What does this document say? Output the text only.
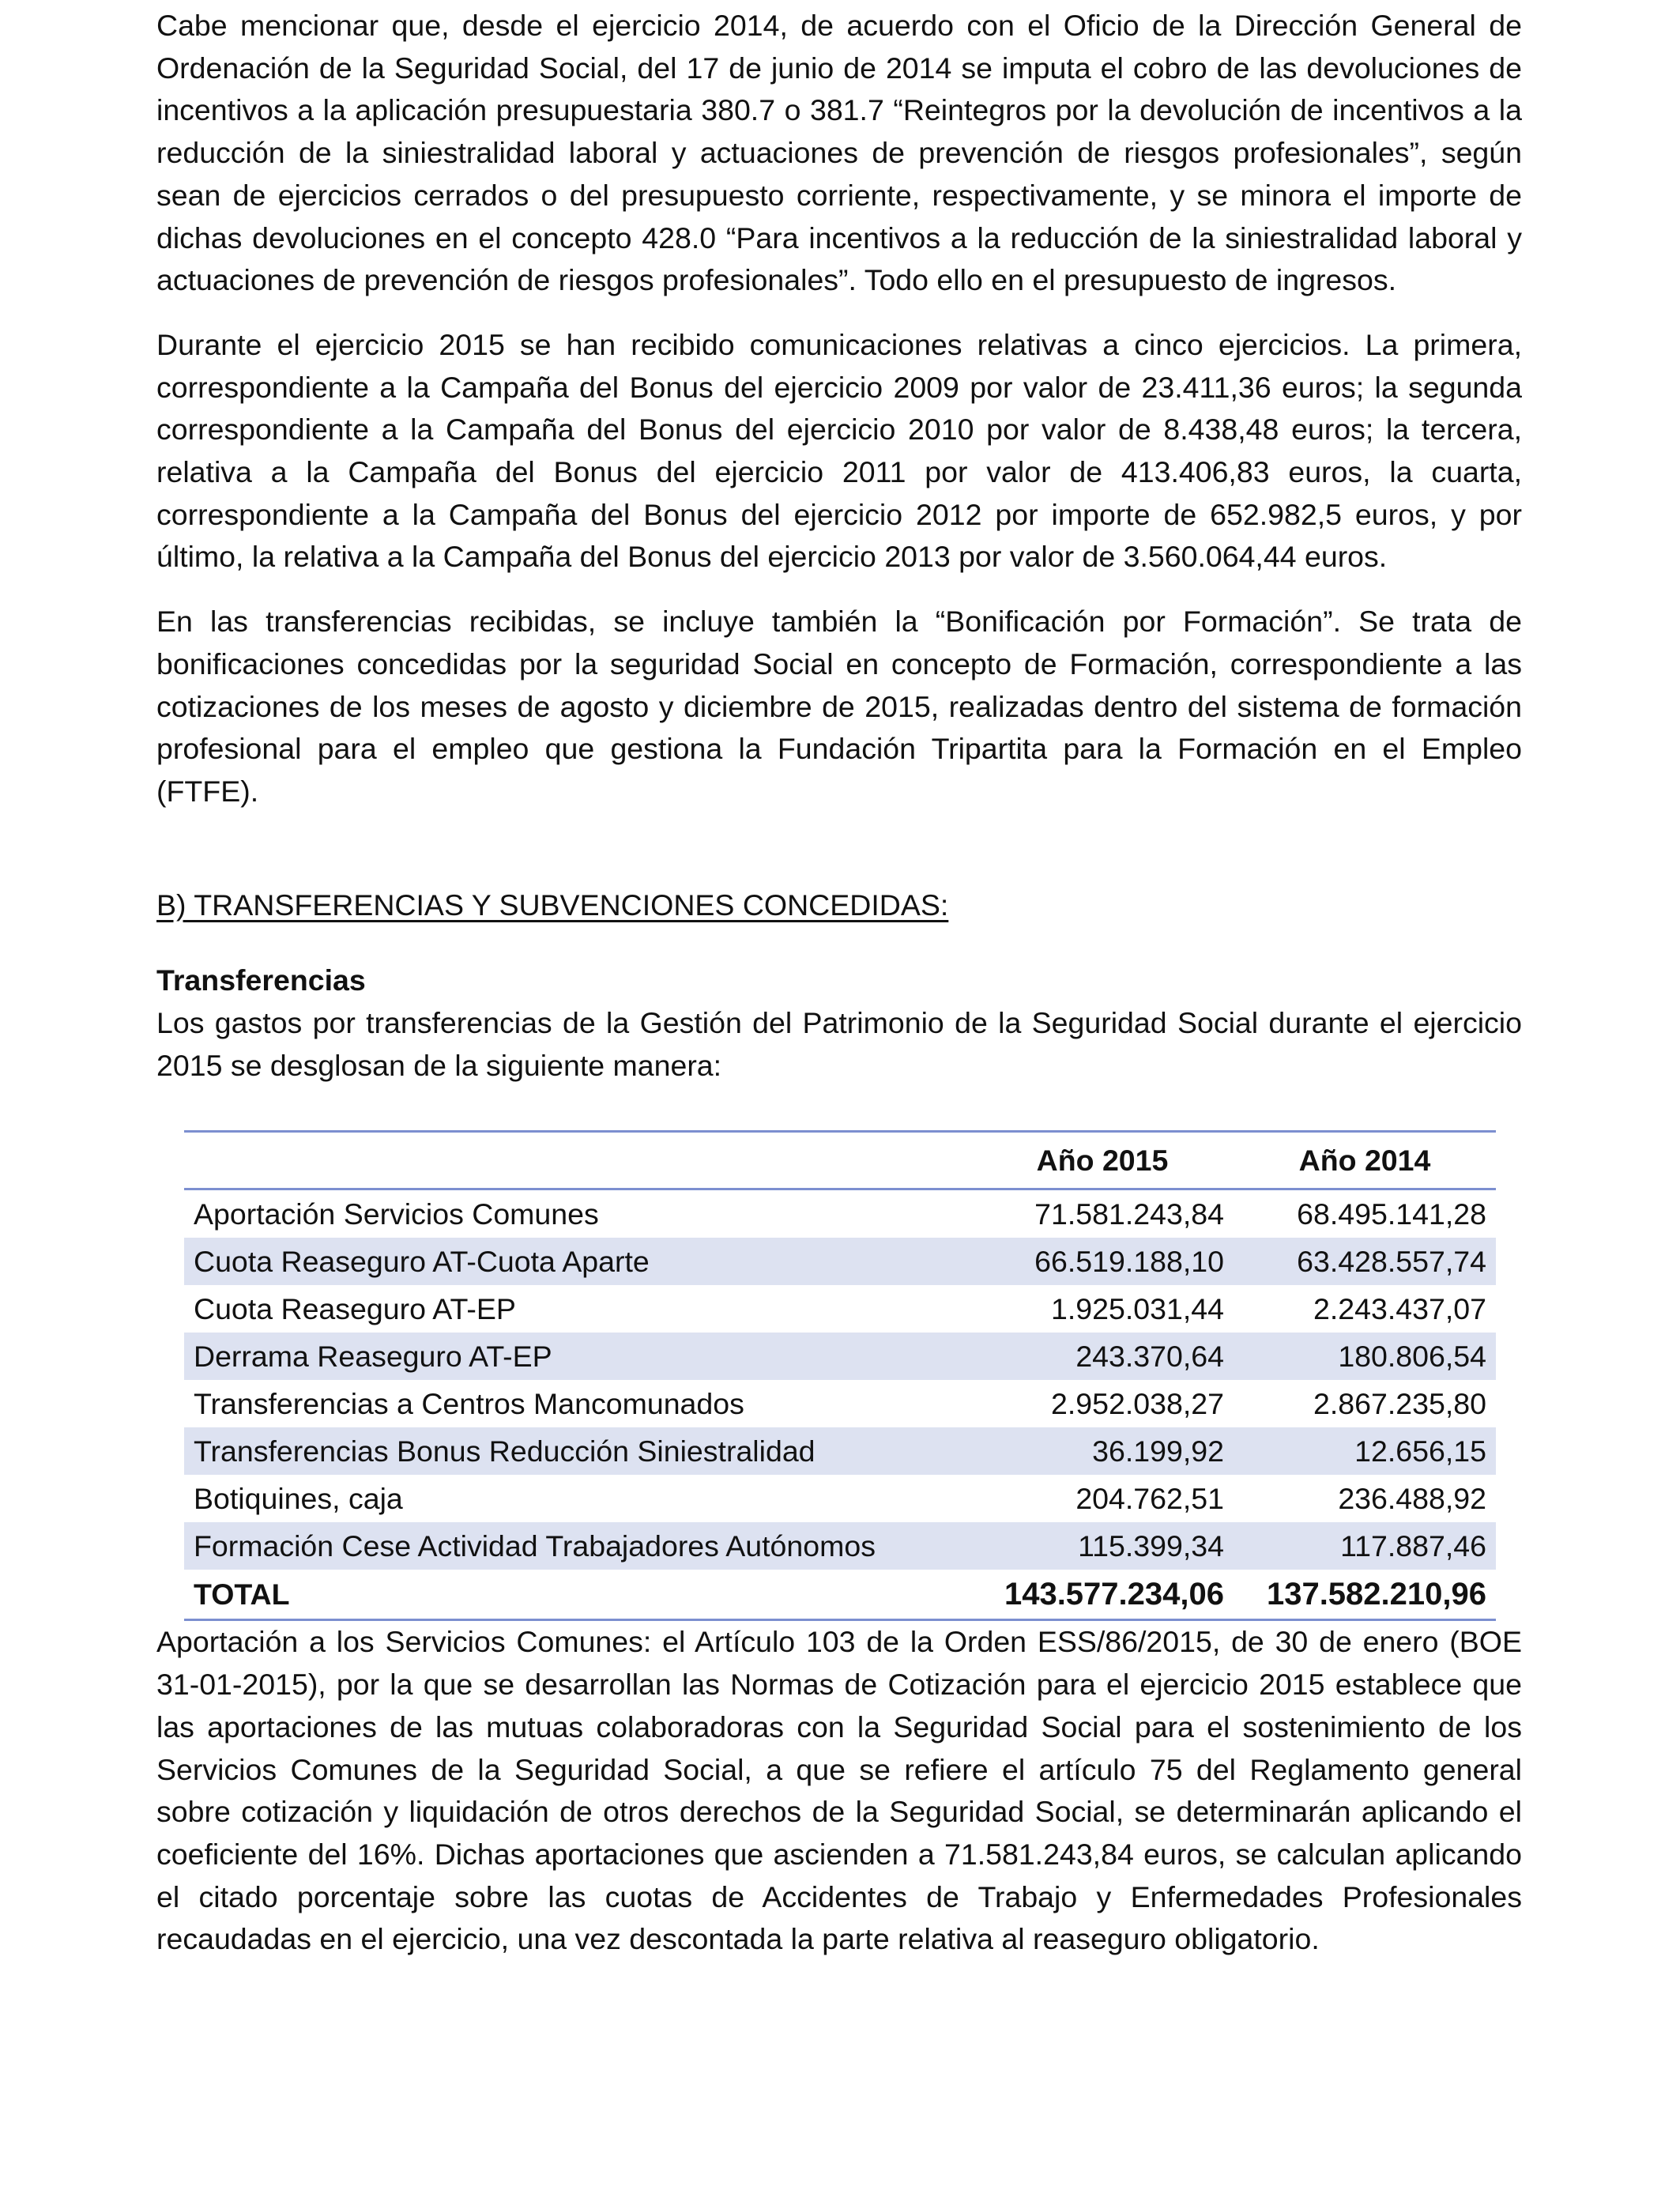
Cabe mencionar que, desde el ejercicio 2014, de acuerdo con el Oficio de la Dirección General de Ordenación de la Seguridad Social, del 17 de junio de 2014 se imputa el cobro de las devoluciones de incentivos a la aplicación presupuestaria 380.7 o 381.7 “Reintegros por la devolución de incentivos a la reducción de la siniestralidad laboral y actuaciones de prevención de riesgos profesionales”, según sean de ejercicios cerrados o del presupuesto corriente, respectivamente, y se minora el importe de dichas devoluciones en el concepto 428.0 “Para incentivos a la reducción de la siniestralidad laboral y actuaciones de prevención de riesgos profesionales”. Todo ello en el presupuesto de ingresos.

Durante el ejercicio 2015 se han recibido comunicaciones relativas a cinco ejercicios. La primera, correspondiente a la Campaña del Bonus del ejercicio 2009 por valor de 23.411,36 euros; la segunda correspondiente a la Campaña del Bonus del ejercicio 2010 por valor de 8.438,48 euros; la tercera, relativa a la Campaña del Bonus del ejercicio 2011 por valor de 413.406,83 euros, la cuarta, correspondiente a la Campaña del Bonus del ejercicio 2012 por importe de 652.982,5 euros, y por último, la relativa a la Campaña del Bonus del ejercicio 2013 por valor de 3.560.064,44 euros.

En las transferencias recibidas, se incluye también la “Bonificación por Formación”. Se trata de bonificaciones concedidas por la seguridad Social en concepto de Formación, correspondiente a las cotizaciones de los meses de agosto y diciembre de 2015, realizadas dentro del sistema de formación profesional para el empleo que gestiona la Fundación Tripartita para la Formación en el Empleo (FTFE).

B) TRANSFERENCIAS Y SUBVENCIONES CONCEDIDAS:
Transferencias

Los gastos por transferencias de la Gestión del Patrimonio de la Seguridad Social durante el ejercicio 2015 se desglosan de la siguiente manera:

	Año 2015	Año 2014
Aportación Servicios Comunes	71.581.243,84	68.495.141,28
Cuota Reaseguro AT-Cuota Aparte	66.519.188,10	63.428.557,74
Cuota Reaseguro AT-EP	1.925.031,44	2.243.437,07
Derrama Reaseguro AT-EP	243.370,64	180.806,54
Transferencias a Centros Mancomunados	2.952.038,27	2.867.235,80
Transferencias Bonus Reducción Siniestralidad	36.199,92	12.656,15
Botiquines, caja	204.762,51	236.488,92
Formación Cese Actividad Trabajadores Autónomos	115.399,34	117.887,46
TOTAL	143.577.234,06	137.582.210,96

Aportación a los Servicios Comunes: el Artículo 103 de la Orden ESS/86/2015, de 30 de enero (BOE 31-01-2015), por la que se desarrollan las Normas de Cotización para el ejercicio 2015 establece que las aportaciones de las mutuas colaboradoras con la Seguridad Social para el sostenimiento de los Servicios Comunes de la Seguridad Social, a que se refiere el artículo 75 del Reglamento general sobre cotización y liquidación de otros derechos de la Seguridad Social, se determinarán aplicando el coeficiente del 16%. Dichas aportaciones que ascienden a 71.581.243,84 euros, se calculan aplicando el citado porcentaje sobre las cuotas de Accidentes de Trabajo y Enfermedades Profesionales recaudadas en el ejercicio, una vez descontada la parte relativa al reaseguro obligatorio.
